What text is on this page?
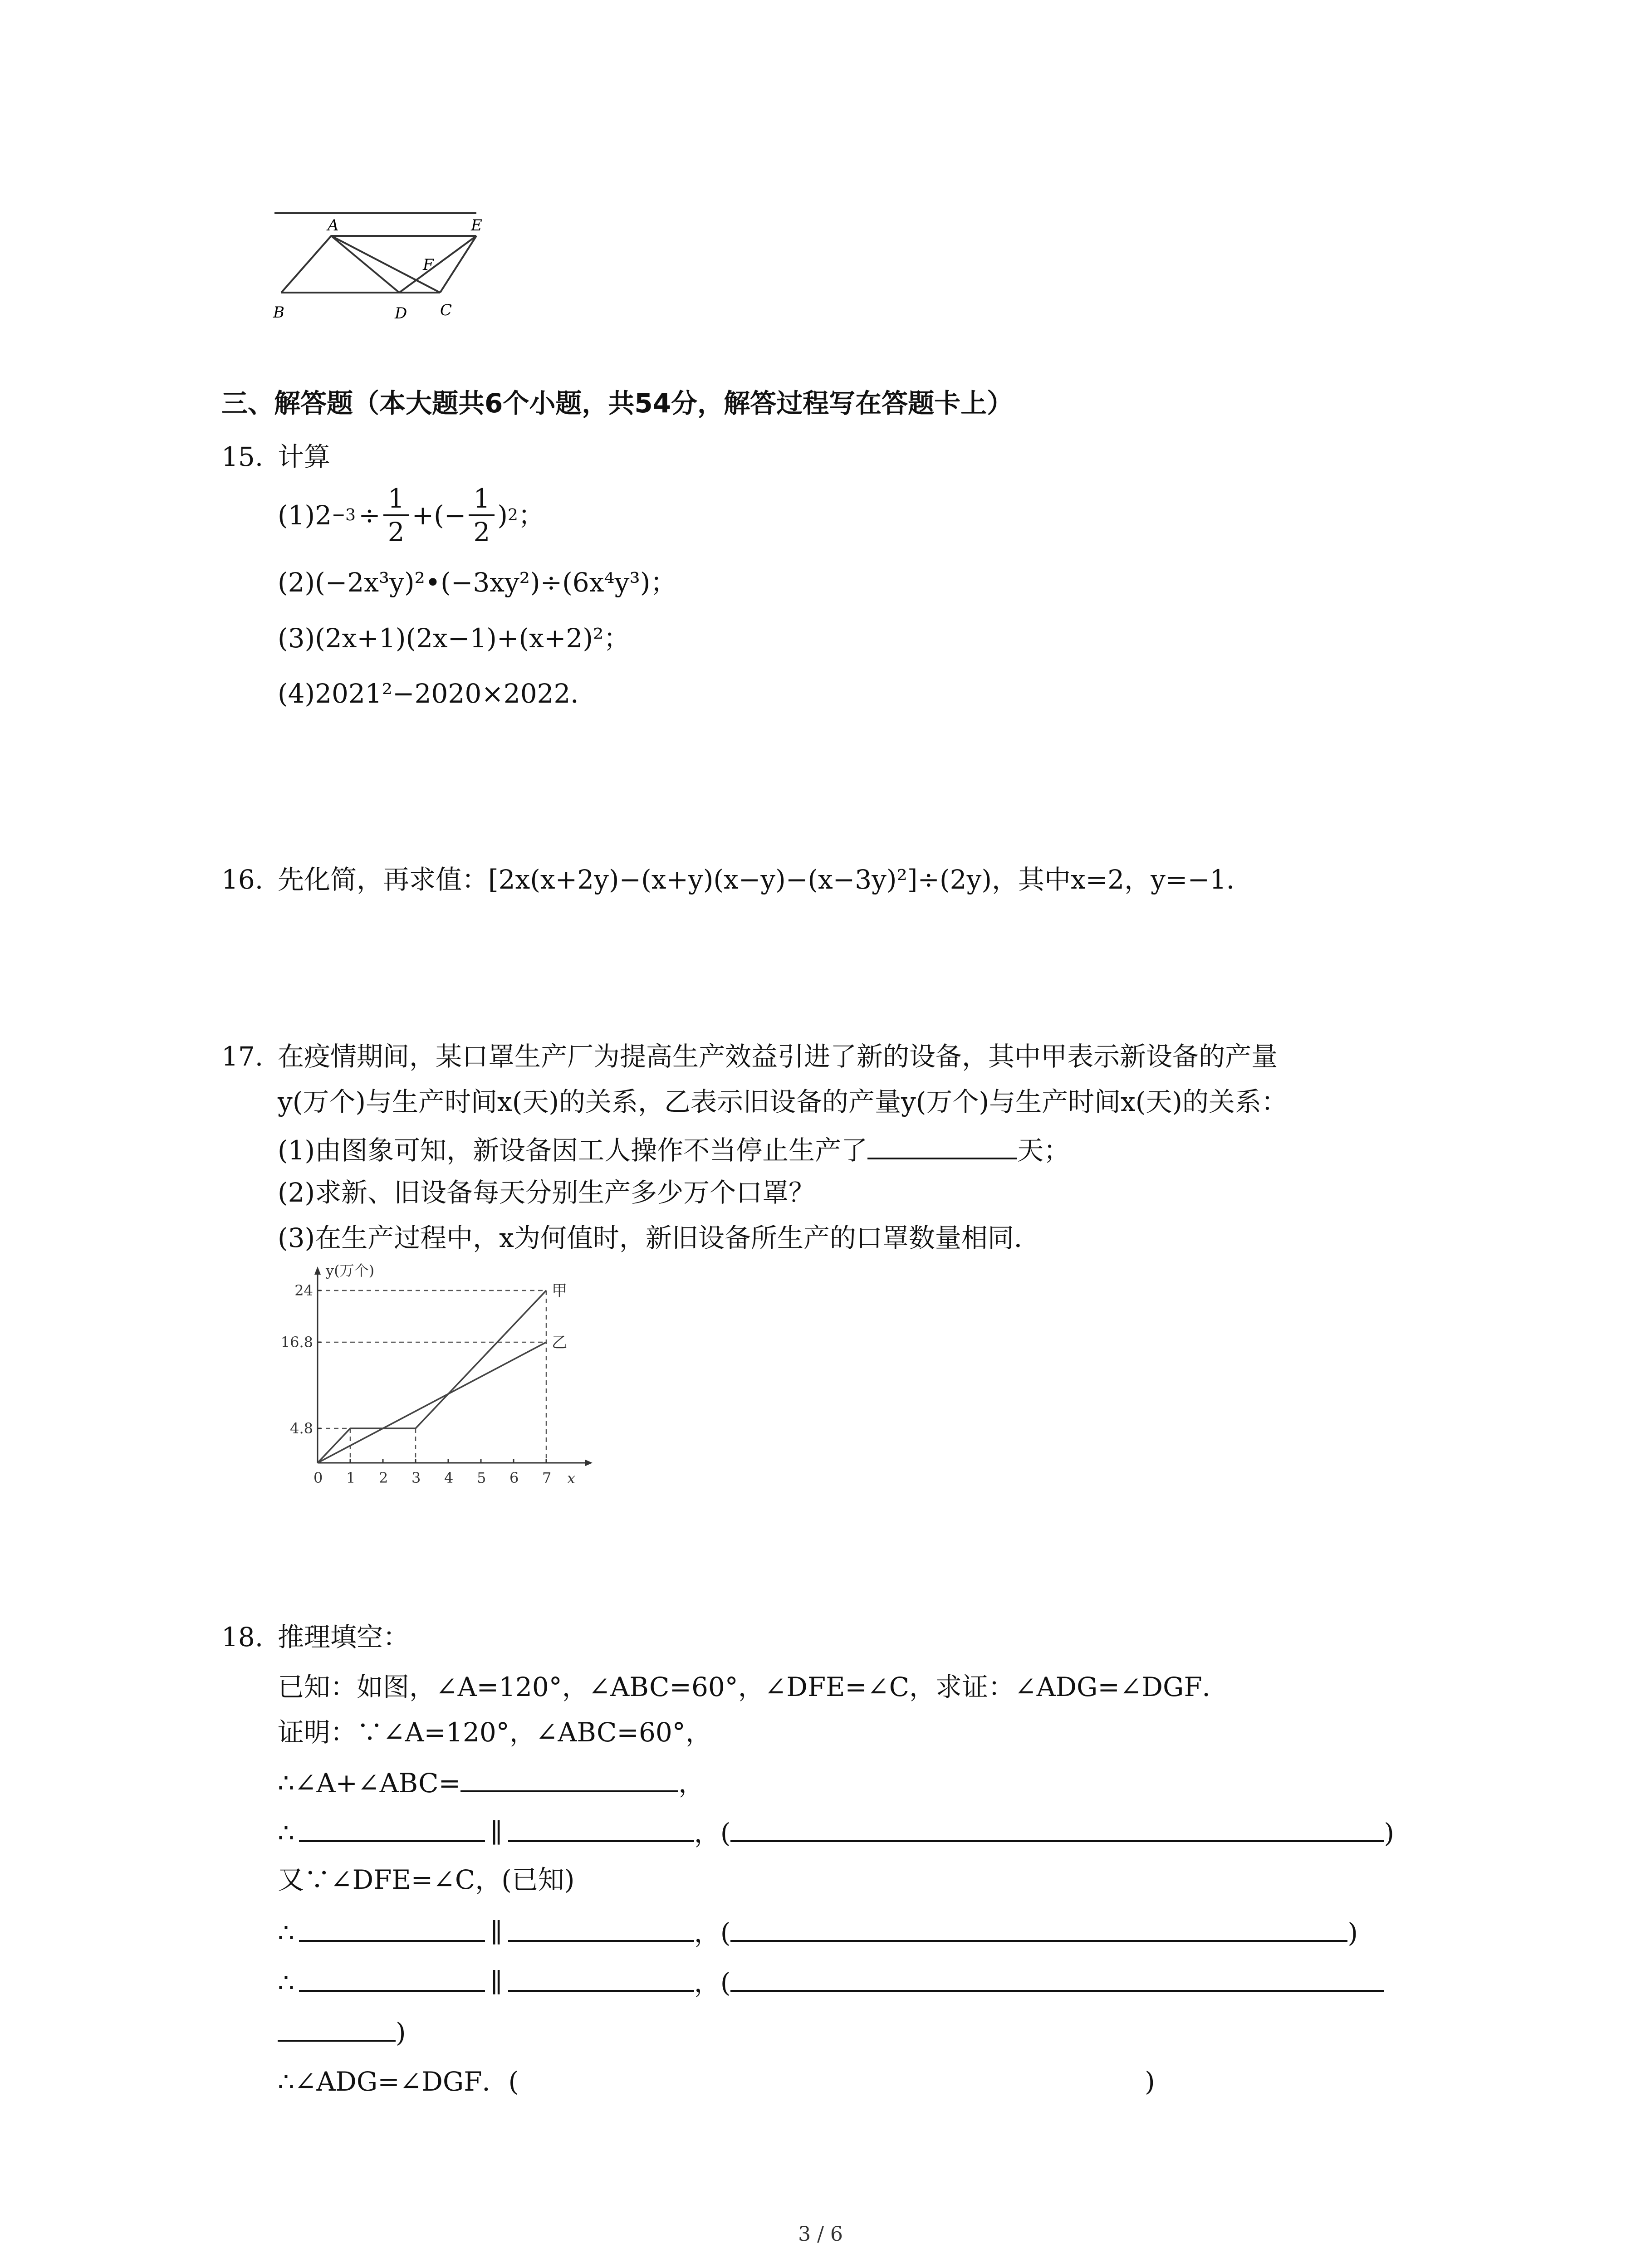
A	E
F
B	D C
三、解答题（本大题共6个小题，共54分，解答过程写在答题卡上）
15. 计算
$(1)2 -3 \div \frac{1}{2}$ +(− $\frac{1}{2}$ ) 2 ；
(2)(−2x³y)²•(−3xy²)÷(6x⁴y³)；
(3)(2x+1)(2x−1)+(x+2)²；
(4)2021²−2020×2022．
16. 先化简，再求值：[2x(x+2y)−(x+y)(x−y)−(x−3y)²]÷(2y)，其中x=2，y=−1．
17. 在疫情期间，某口罩生产厂为提高生产效益引进了新的设备，其中甲表示新设备的产量
y(万个)与生产时间x(天)的关系，乙表示旧设备的产量y(万个)与生产时间x(天)的关系：
(1)由图象可知，新设备因工人操作不当停止生产了	天；
(2)求新、旧设备每天分别生产多少万个口罩？
(3)在生产过程中，x为何值时，新旧设备所生产的口罩数量相同．
y(万个)
x
0 1 2 3 4 5 6 7
4.8
16.8
24	甲
乙
18. 推理填空：
已知：如图，∠A=120°，∠ABC=60°，∠DFE=∠C，求证：∠ADG=∠DGF．
证明：∵∠A=120°，∠ABC=60°，
∴∠A+∠ABC=	，
∴	∥	，(	)
又∵∠DFE=∠C，(已知)
∴	∥	，(	)
∴	∥	，(
)
∴∠ADG=∠DGF．(	)
3 / 6
